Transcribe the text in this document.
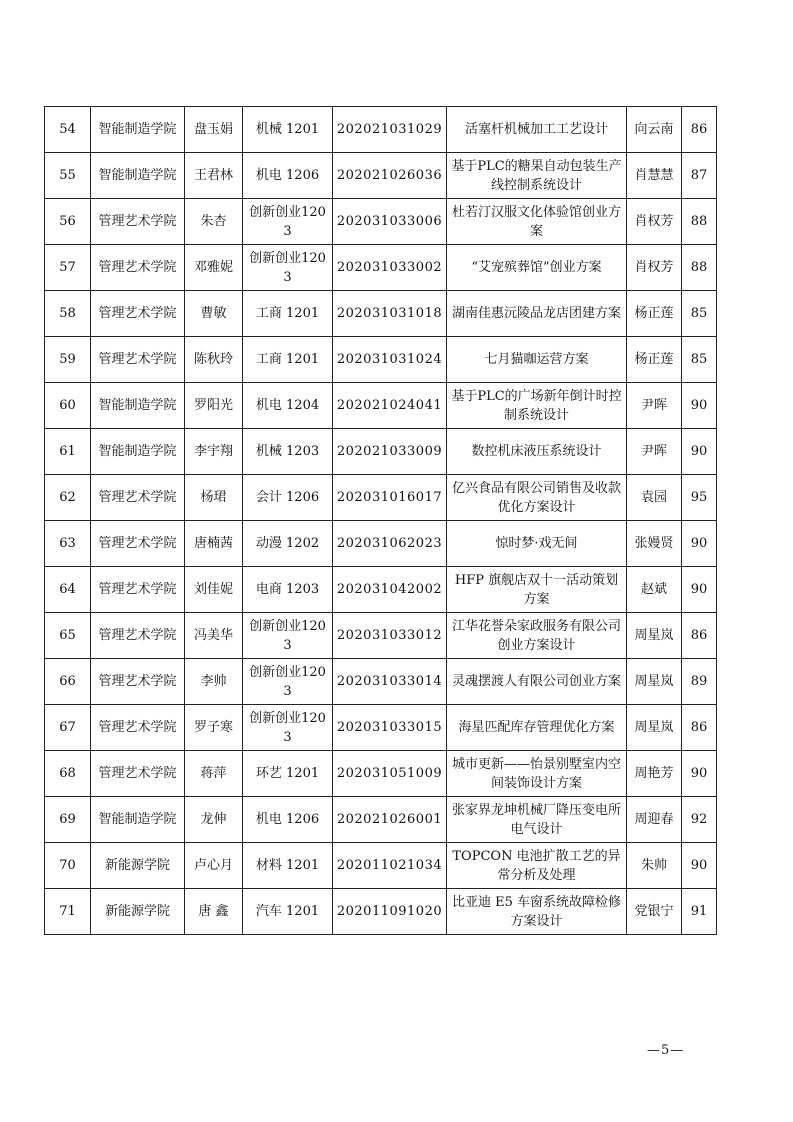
54	智能制造学院	盘玉娟	机械 1201	202021031029	活塞杆机械加工工艺设计	向云南	86
55	智能制造学院	王君林	机电 1206	202021026036	基于PLC的糖果自动包装生产线控制系统设计	肖慧慧	87
56	管理艺术学院	朱杏	创新创业1203	202031033006	杜若汀汉服文化体验馆创业方案	肖权芳	88
57	管理艺术学院	邓雅妮	创新创业1203	202031033002	“艾宠殡葬馆”创业方案	肖权芳	88
58	管理艺术学院	曹敏	工商 1201	202031031018	湖南佳惠沅陵品龙店团建方案	杨正莲	85
59	管理艺术学院	陈秋玲	工商 1201	202031031024	七月猫咖运营方案	杨正莲	85
60	智能制造学院	罗阳光	机电 1204	202021024041	基于PLC的广场新年倒计时控制系统设计	尹晖	90
61	智能制造学院	李宇翔	机械 1203	202021033009	数控机床液压系统设计	尹晖	90
62	管理艺术学院	杨珺	会计 1206	202031016017	亿兴食品有限公司销售及收款优化方案设计	袁园	95
63	管理艺术学院	唐楠茜	动漫 1202	202031062023	惊时梦·戏无间	张嫚贤	90
64	管理艺术学院	刘佳妮	电商 1203	202031042002	HFP 旗舰店双十一活动策划方案	赵斌	90
65	管理艺术学院	冯美华	创新创业1203	202031033012	江华花誉朵家政服务有限公司创业方案设计	周星岚	86
66	管理艺术学院	李帅	创新创业1203	202031033014	灵魂摆渡人有限公司创业方案	周星岚	89
67	管理艺术学院	罗子寒	创新创业1203	202031033015	海星匹配库存管理优化方案	周星岚	86
68	管理艺术学院	蒋萍	环艺 1201	202031051009	城市更新——怡景别墅室内空间装饰设计方案	周艳芳	90
69	智能制造学院	龙伸	机电 1206	202021026001	张家界龙坤机械厂降压变电所电气设计	周迎春	92
70	新能源学院	卢心月	材料 1201	202011021034	TOPCON 电池扩散工艺的异常分析及处理	朱帅	90
71	新能源学院	唐 鑫	汽车 1201	202011091020	比亚迪 E5 车窗系统故障检修方案设计	党银宁	91
—5—
